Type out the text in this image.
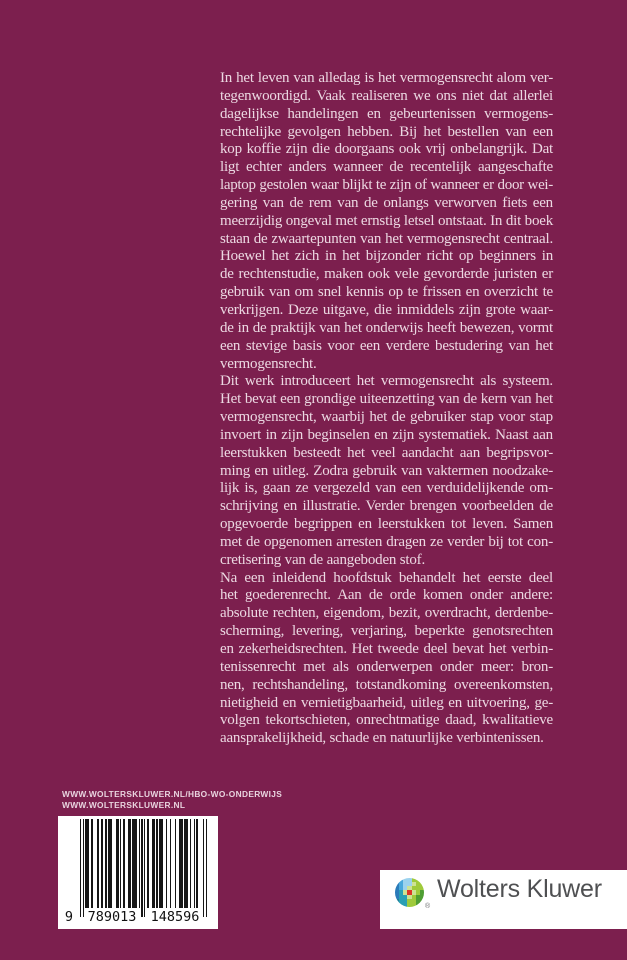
In het leven van alledag is het vermogensrecht alom ver-
tegenwoordigd. Vaak realiseren we ons niet dat allerlei
dagelijkse handelingen en gebeurtenissen vermogens-
rechtelijke gevolgen hebben. Bij het bestellen van een
kop koffie zijn die doorgaans ook vrij onbelangrijk. Dat
ligt echter anders wanneer de recentelijk aangeschafte
laptop gestolen waar blijkt te zijn of wanneer er door wei-
gering van de rem van de onlangs verworven fiets een
meerzijdig ongeval met ernstig letsel ontstaat. In dit boek
staan de zwaartepunten van het vermogensrecht centraal.
Hoewel het zich in het bijzonder richt op beginners in
de rechtenstudie, maken ook vele gevorderde juristen er
gebruik van om snel kennis op te frissen en overzicht te
verkrijgen. Deze uitgave, die inmiddels zijn grote waar-
de in de praktijk van het onderwijs heeft bewezen, vormt
een stevige basis voor een verdere bestudering van het
vermogensrecht.
Dit werk introduceert het vermogensrecht als systeem.
Het bevat een grondige uiteenzetting van de kern van het
vermogensrecht, waarbij het de gebruiker stap voor stap
invoert in zijn beginselen en zijn systematiek. Naast aan
leerstukken besteedt het veel aandacht aan begripsvor-
ming en uitleg. Zodra gebruik van vaktermen noodzake-
lijk is, gaan ze vergezeld van een verduidelijkende om-
schrijving en illustratie. Verder brengen voorbeelden de
opgevoerde begrippen en leerstukken tot leven. Samen
met de opgenomen arresten dragen ze verder bij tot con-
cretisering van de aangeboden stof.
Na een inleidend hoofdstuk behandelt het eerste deel
het goederenrecht. Aan de orde komen onder andere:
absolute rechten, eigendom, bezit, overdracht, derdenbe-
scherming, levering, verjaring, beperkte genotsrechten
en zekerheidsrechten. Het tweede deel bevat het verbin-
tenissenrecht met als onderwerpen onder meer: bron-
nen, rechtshandeling, totstandkoming overeenkomsten,
nietigheid en vernietigbaarheid, uitleg en uitvoering, ge-
volgen tekortschieten, onrechtmatige daad, kwalitatieve
aansprakelijkheid, schade en natuurlijke verbintenissen.
WWW.WOLTERSKLUWER.NL/HBO-WO-ONDERWIJS
WWW.WOLTERSKLUWER.NL
9 789013 148596
®
Wolters Kluwer
